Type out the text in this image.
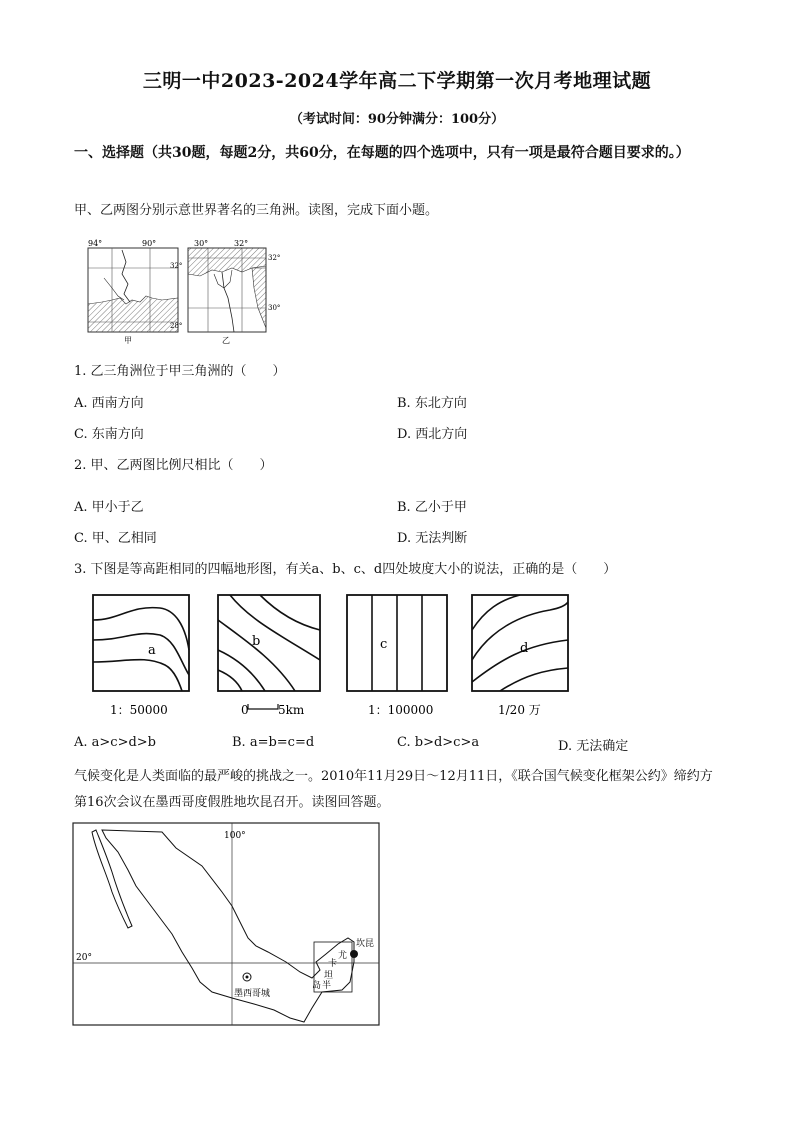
三明一中2023-2024学年高二下学期第一次月考地理试题
（考试时间：90分钟满分：100分）
一、选择题（共30题，每题2分，共60分，在每题的四个选项中，只有一项是最符合题目要求的。）
甲、乙两图分别示意世界著名的三角洲。读图，完成下面小题。
94°	90°
32°
28°
甲
30°	32°
32°
30°
乙
1. 乙三角洲位于甲三角洲的（　　）
A. 西南方向	B. 东北方向
C. 东南方向	D. 西北方向
2. 甲、乙两图比例尺相比（　　）
A. 甲小于乙	B. 乙小于甲
C. 甲、乙相同	D. 无法判断
3. 下图是等高距相同的四幅地形图，有关a、b、c、d四处坡度大小的说法，正确的是（　　）
a
b	c	d
1：50000	0 5km	1：100000	1/20 万
A. a>c>d>b	B. a=b=c=d	C. b>d>c>a	D. 无法确定
气候变化是人类面临的最严峻的挑战之一。2010年11月29日～12月11日，《联合国气候变化框架公约》缔约方第16次会议在墨西哥度假胜地坎昆召开。读图回答题。
100°
20°
墨西哥城
坎昆
尤
卡
坦
半
岛
